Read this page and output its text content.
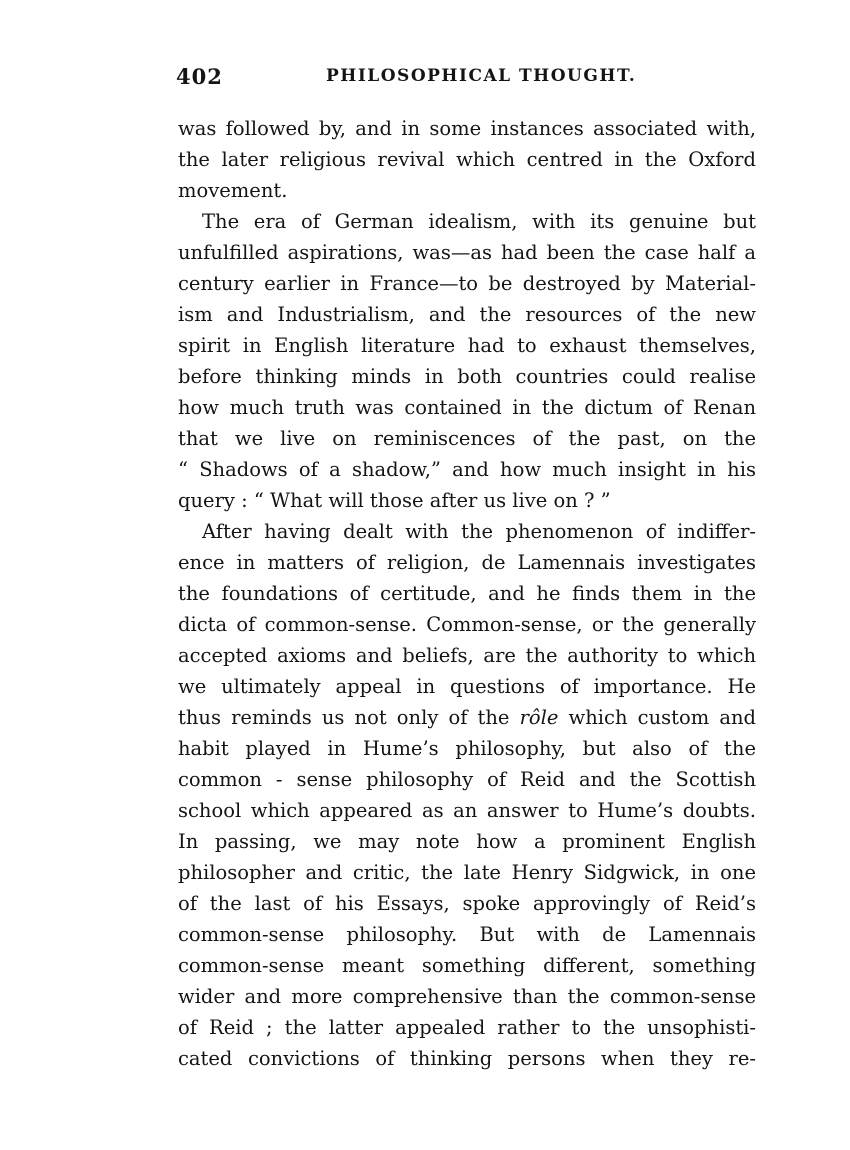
402	PHILOSOPHICAL THOUGHT.
was followed by, and in some instances associated with,
the later religious revival which centred in the Oxford
movement.
The era of German idealism, with its genuine but
unfulfilled aspirations, was—as had been the case half a
century earlier in France—to be destroyed by Material-
ism and Industrialism, and the resources of the new
spirit in English literature had to exhaust themselves,
before thinking minds in both countries could realise
how much truth was contained in the dictum of Renan
that we live on reminiscences of the past, on the
“ Shadows of a shadow,” and how much insight in his
query : “ What will those after us live on ? ”
After having dealt with the phenomenon of indiffer-
ence in matters of religion, de Lamennais investigates
the foundations of certitude, and he finds them in the
dicta of common-sense. Common-sense, or the generally
accepted axioms and beliefs, are the authority to which
we ultimately appeal in questions of importance. He
thus reminds us not only of the rôle which custom and
habit played in Hume’s philosophy, but also of the
common - sense philosophy of Reid and the Scottish
school which appeared as an answer to Hume’s doubts.
In passing, we may note how a prominent English
philosopher and critic, the late Henry Sidgwick, in one
of the last of his Essays, spoke approvingly of Reid’s
common-sense philosophy. But with de Lamennais
common-sense meant something different, something
wider and more comprehensive than the common-sense
of Reid ; the latter appealed rather to the unsophisti-
cated convictions of thinking persons when they re-
